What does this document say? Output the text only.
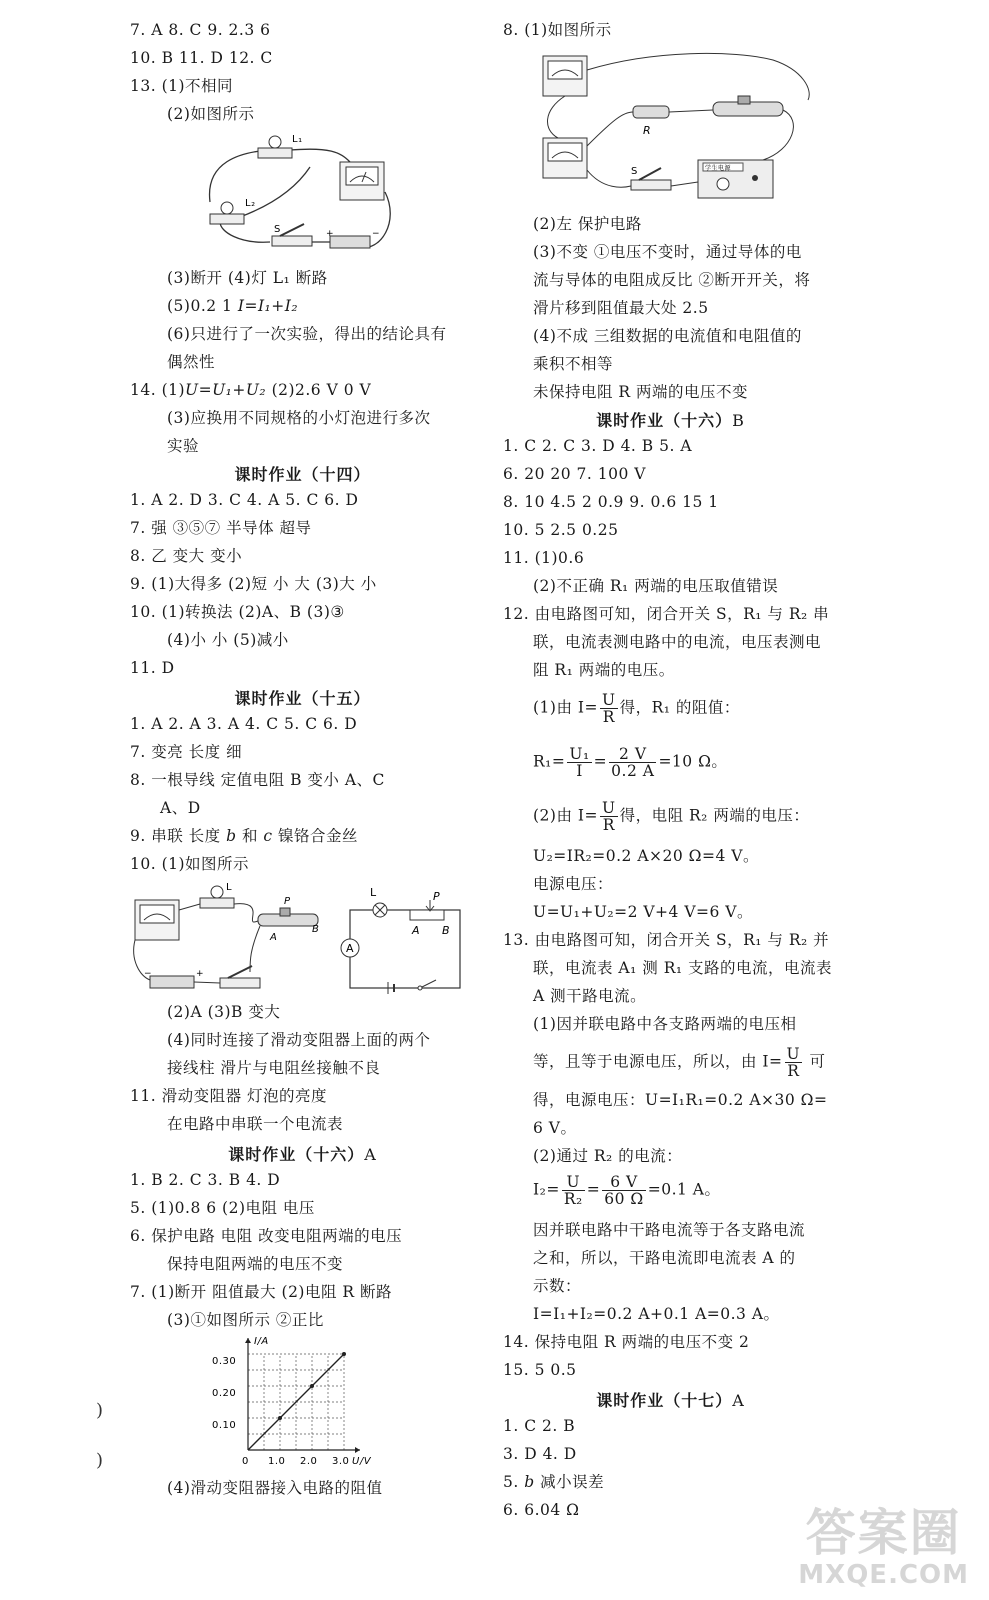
7. A 8. C 9. 2.3 6
10. B 11. D 12. C
13. (1)不相同
(2)如图所示
L₁
L₂
S	+	−
(3)断开 (4)灯 L₁ 断路
(5)0.2 1 I=I₁+I₂
(6)只进行了一次实验，得出的结论具有
偶然性
14. (1)U=U₁+U₂ (2)2.6 V 0 V
(3)应换用不同规格的小灯泡进行多次
实验
课时作业（十四）
1. A 2. D 3. C 4. A 5. C 6. D
7. 强 ③⑤⑦ 半导体 超导
8. 乙 变大 变小
9. (1)大得多 (2)短 小 大 (3)大 小
10. (1)转换法 (2)A、B (3)③
(4)小 小 (5)减小
11. D
课时作业（十五）
1. A 2. A 3. A 4. C 5. C 6. D
7. 变亮 长度 细
8. 一根导线 定值电阻 B 变小 A、C
A、D
9. 串联 长度 b 和 c 镍铬合金丝
10. (1)如图所示
L
P
A
B
−	+
L	P
A B
A
(2)A (3)B 变大
(4)同时连接了滑动变阻器上面的两个
接线柱 滑片与电阻丝接触不良
11. 滑动变阻器 灯泡的亮度
在电路中串联一个电流表
课时作业（十六）A
1. B 2. C 3. B 4. D
5. (1)0.8 6 (2)电阻 电压
6. 保护电路 电阻 改变电阻两端的电压
保持电阻两端的电压不变
7. (1)断开 阻值最大 (2)电阻 R 断路
(3)①如图所示 ②正比
I/A
U/V
0.30
0.20
0.10
0 1.0 2.0 3.0
(4)滑动变阻器接入电路的阻值
)
)
8. (1)如图所示
R
S	学生电源
(2)左 保护电路
(3)不变 ①电压不变时，通过导体的电
流与导体的电阻成反比 ②断开开关，将
滑片移到阻值最大处 2.5
(4)不成 三组数据的电流值和电阻值的
乘积不相等
未保持电阻 R 两端的电压不变
课时作业（十六）B
1. C 2. C 3. D 4. B 5. A
6. 20 20 7. 100 V
8. 10 4.5 2 0.9 9. 0.6 15 1
10. 5 2.5 0.25
11. (1)0.6
(2)不正确 R₁ 两端的电压取值错误
12. 由电路图可知，闭合开关 S，R₁ 与 R₂ 串
联，电流表测电路中的电流，电压表测电
阻 R₁ 两端的电压。
(1)由 $I= \frac{U}{R}$ 得，R₁ 的阻值：
$R_1= \frac{\text{U₁}}{I} = \frac{2 V}{0.2 A} =10$ Ω。
(2)由 $I= \frac{U}{R}$ 得，电阻 R₂ 两端的电压：
U₂=IR₂=0.2 A×20 Ω=4 V。
电源电压：
U=U₁+U₂=2 V+4 V=6 V。
13. 由电路图可知，闭合开关 S，R₁ 与 R₂ 并
联，电流表 A₁ 测 R₁ 支路的电流，电流表
A 测干路电流。
(1)因并联电路中各支路两端的电压相
等，且等于电源电压，所以，由 $I= \frac{U}{R}$ 可
得，电源电压：U=I₁R₁=0.2 A×30 Ω=
6 V。
(2)通过 R₂ 的电流：
$I_2= \frac{U}{\text{R₂}} = \frac{6 V}{60 \Omega} =0.1$ A。
因并联电路中干路电流等于各支路电流
之和，所以，干路电流即电流表 A 的
示数：
I=I₁+I₂=0.2 A+0.1 A=0.3 A。
14. 保持电阻 R 两端的电压不变 2
15. 5 0.5
课时作业（十七）A
1. C 2. B
3. D 4. D
5. b 减小误差
6. 6.04 Ω	答案圈
MXQE.COM
